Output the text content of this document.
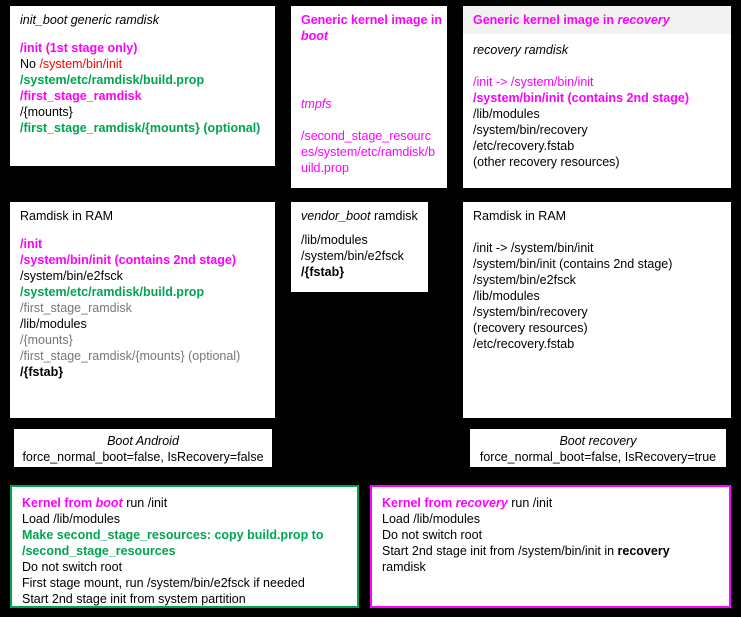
init_boot generic ramdisk
/init (1st stage only)
No /system/bin/init
/system/etc/ramdisk/build.prop
/first_stage_ramdisk
/{mounts}
/first_stage_ramdisk/{mounts} (optional)
Generic kernel image in
boot
tmpfs
/second_stage_resources/system/etc/ramdisk/build.prop
Generic kernel image in recovery
recovery ramdisk
/init -> /system/bin/init
/system/bin/init (contains 2nd stage)
/lib/modules
/system/bin/recovery
/etc/recovery.fstab
(other recovery resources)
Ramdisk in RAM
/init
/system/bin/init (contains 2nd stage)
/system/bin/e2fsck
/system/etc/ramdisk/build.prop
/first_stage_ramdisk
/lib/modules
/{mounts}
/first_stage_ramdisk/{mounts} (optional)
/{fstab}
vendor_boot ramdisk
/lib/modules
/system/bin/e2fsck
/{fstab}
Ramdisk in RAM
/init -> /system/bin/init
/system/bin/init (contains 2nd stage)
/system/bin/e2fsck
/lib/modules
/system/bin/recovery
(recovery resources)
/etc/recovery.fstab
Boot Android
force_normal_boot=false, IsRecovery=false
Boot recovery
force_normal_boot=false, IsRecovery=true
Kernel from boot run /init
Load /lib/modules
Make second_stage_resources: copy build.prop to
/second_stage_resources
Do not switch root
First stage mount, run /system/bin/e2fsck if needed
Start 2nd stage init from system partition
Kernel from recovery run /init
Load /lib/modules
Do not switch root
Start 2nd stage init from /system/bin/init in recovery
ramdisk
